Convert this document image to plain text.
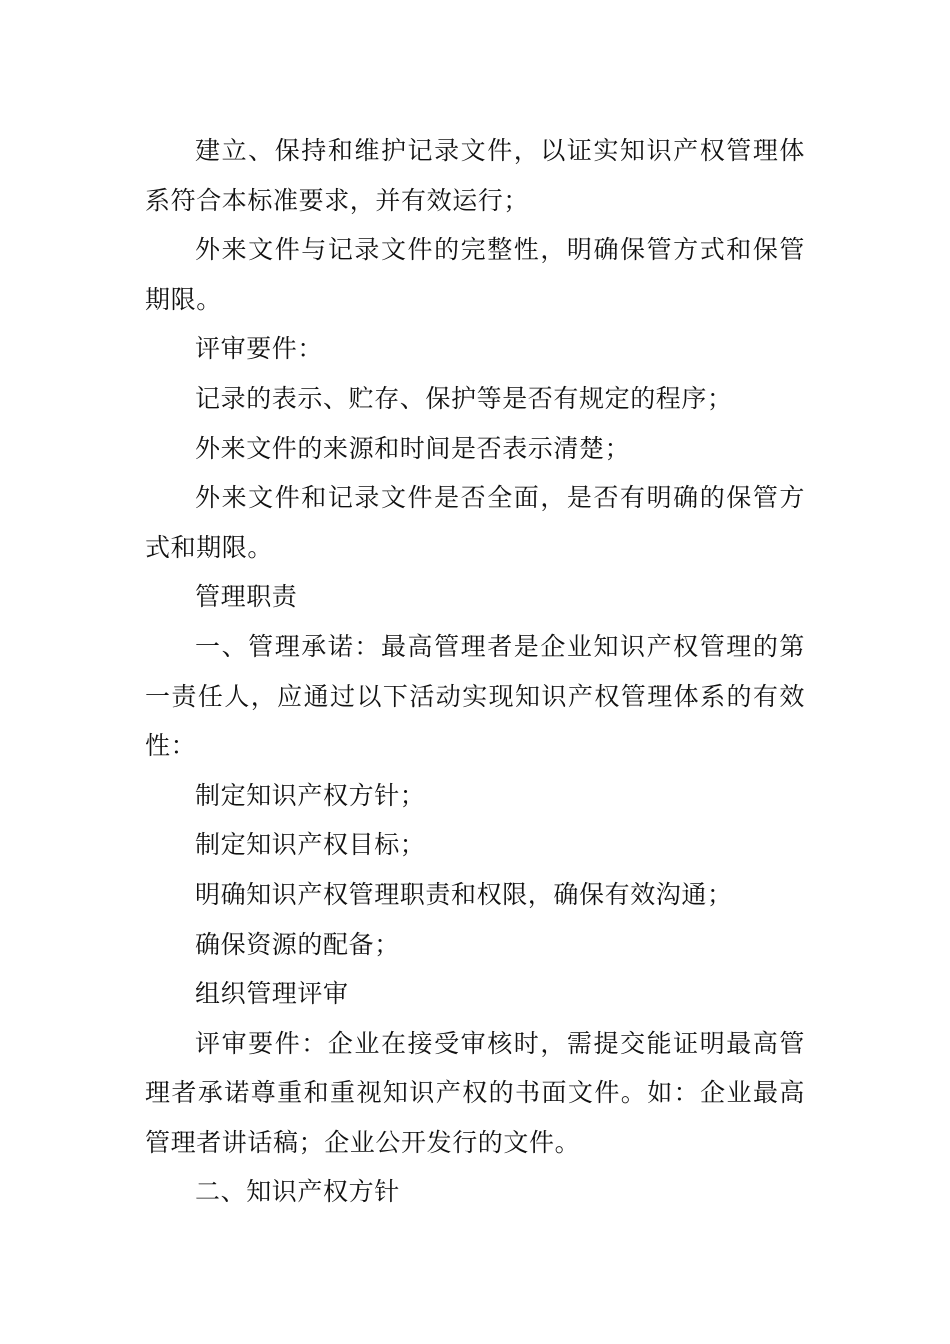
建立、保持和维护记录文件，以证实知识产权管理体系符合本标准要求，并有效运行；

外来文件与记录文件的完整性，明确保管方式和保管期限。

评审要件：

记录的表示、贮存、保护等是否有规定的程序；

外来文件的来源和时间是否表示清楚；

外来文件和记录文件是否全面，是否有明确的保管方式和期限。

管理职责

一、管理承诺：最高管理者是企业知识产权管理的第一责任人，应通过以下活动实现知识产权管理体系的有效性：

制定知识产权方针；

制定知识产权目标；

明确知识产权管理职责和权限，确保有效沟通；

确保资源的配备；

组织管理评审

评审要件：企业在接受审核时，需提交能证明最高管理者承诺尊重和重视知识产权的书面文件。如：企业最高管理者讲话稿；企业公开发行的文件。

二、知识产权方针
